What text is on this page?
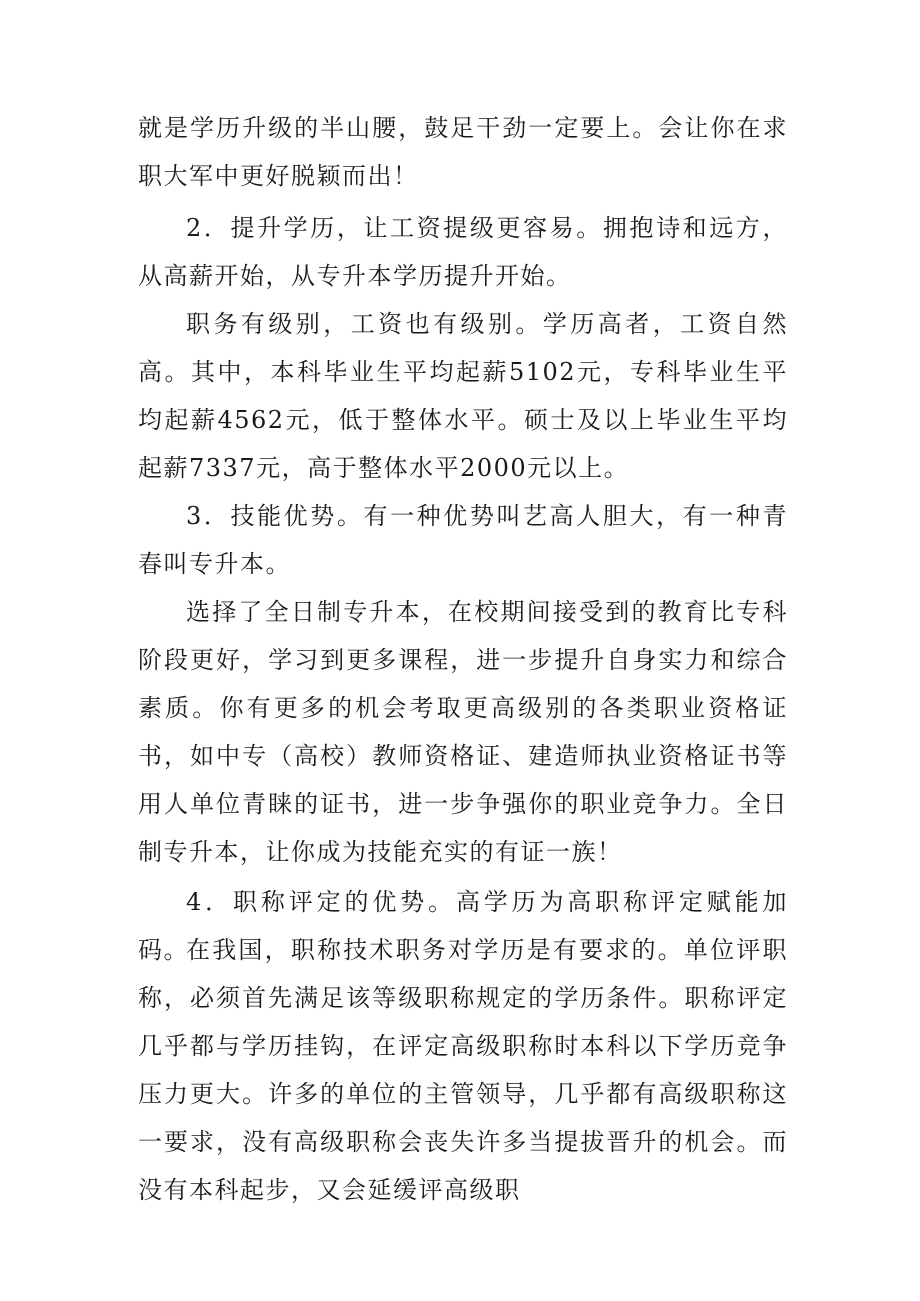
就是学历升级的半山腰，鼓足干劲一定要上。会让你在求职大军中更好脱颖而出！

2．提升学历，让工资提级更容易。拥抱诗和远方，从高薪开始，从专升本学历提升开始。

职务有级别，工资也有级别。学历高者，工资自然高。其中，本科毕业生平均起薪5102元，专科毕业生平均起薪4562元，低于整体水平。硕士及以上毕业生平均起薪7337元，高于整体水平2000元以上。

3．技能优势。有一种优势叫艺高人胆大，有一种青春叫专升本。

选择了全日制专升本，在校期间接受到的教育比专科阶段更好，学习到更多课程，进一步提升自身实力和综合素质。你有更多的机会考取更高级别的各类职业资格证书，如中专（高校）教师资格证、建造师执业资格证书等用人单位青睐的证书，进一步争强你的职业竞争力。全日制专升本，让你成为技能充实的有证一族！

4．职称评定的优势。高学历为高职称评定赋能加码。

在我国，职称技术职务对学历是有要求的。单位评职称，必须首先满足该等级职称规定的学历条件。职称评定几乎都与学历挂钩，在评定高级职称时本科以下学历竞争压力更大。许多的单位的主管领导，几乎都有高级职称这一要求，没有高级职称会丧失许多当提拔晋升的机会。而没有本科起步，又会延缓评高级职
